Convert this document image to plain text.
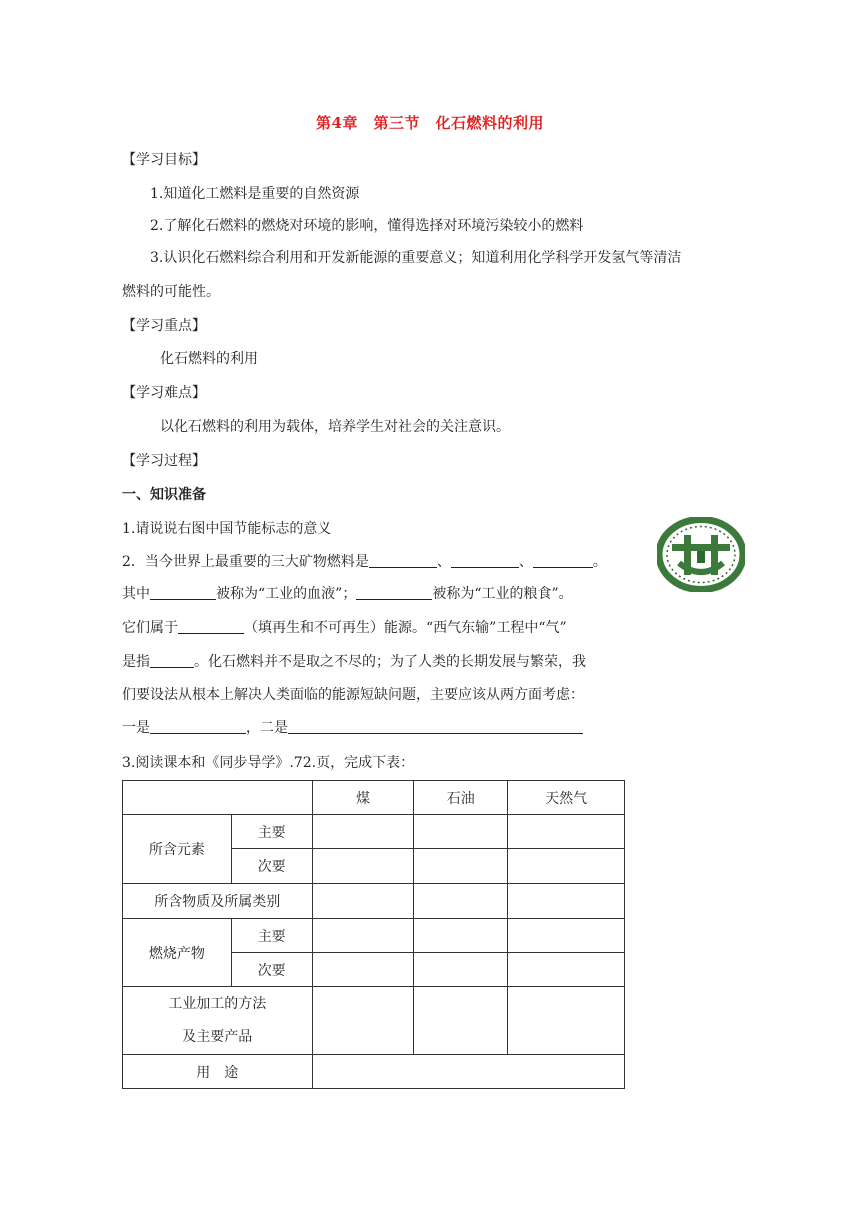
第4章　第三节　化石燃料的利用
【学习目标】
1.知道化工燃料是重要的自然资源
2.了解化石燃料的燃烧对环境的影响，懂得选择对环境污染较小的燃料
3.认识化石燃料综合利用和开发新能源的重要意义；知道利用化学科学开发氢气等清洁
燃料的可能性。
【学习重点】
化石燃料的利用
【学习难点】
以化石燃料的利用为载体，培养学生对社会的关注意识。
【学习过程】
一、知识准备
1.请说说右图中国节能标志的意义
2．当今世界上最重要的三大矿物燃料是	、	、	。
其中	被称为“工业的血液”；	被称为“工业的粮食”。
它们属于	（填再生和不可再生）能源。“西气东输”工程中“气”
是指	。化石燃料并不是取之不尽的；为了人类的长期发展与繁荣，我
们要设法从根本上解决人类面临的能源短缺问题，主要应该从两方面考虑：
一是	，二是
3.阅读课本和《同步导学》.72.页，完成下表：
		煤	石油	天然气
所含元素	主要			
	次要			
所含物质及所属类别				
燃烧产物	主要			
	次要			

工业加工的方法
及主要产品				

用　途				
